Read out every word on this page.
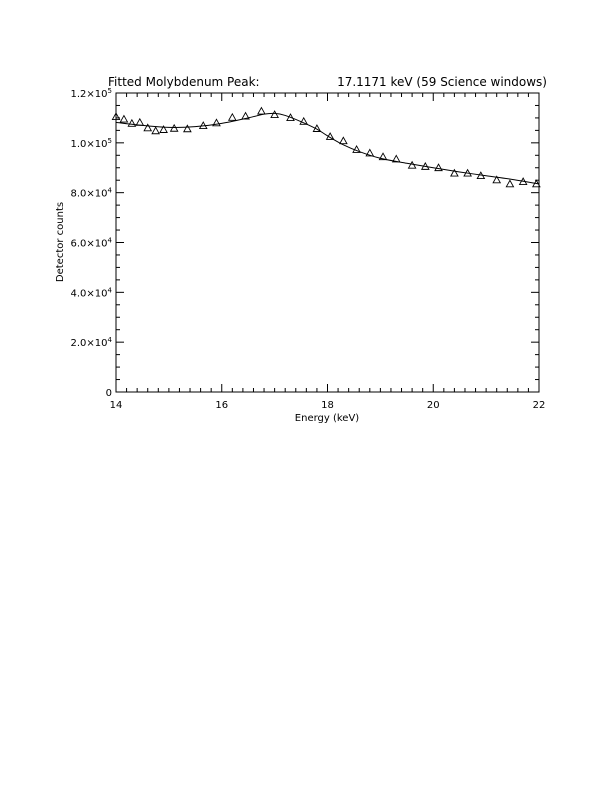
Fitted Molybdenum Peak:	17.1171 keV (59 Science windows)
14	16	18	20	22
0
$2.0\times 10^4$
$4.0\times 10^4$
$6.0\times 10^4$
$8.0\times 10^4$
$1.0\times 10^5$
$1.2\times 10^5$
Energy (keV)
Detector counts
